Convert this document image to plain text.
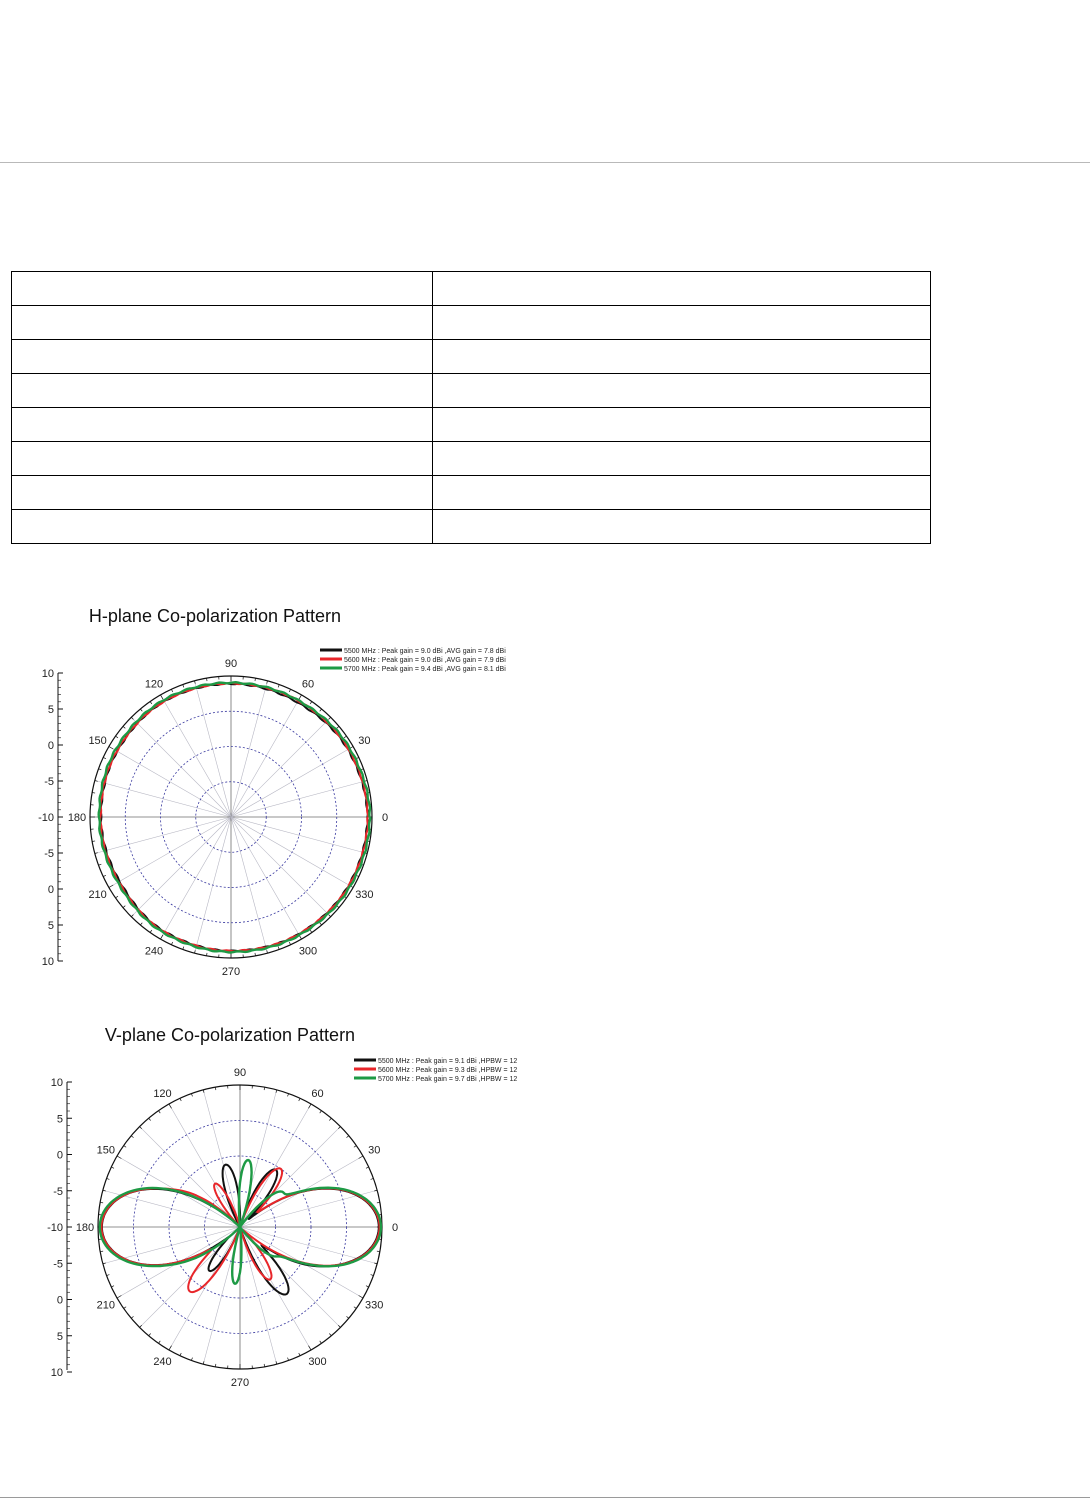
H-plane Co-polarization Pattern
0
30
60
90
120
150
180
210
240
270
300
330
10
5
0
-5
-10
-5
0
5
10
5500 MHz : Peak gain = 9.0 dBi ,AVG gain = 7.8 dBi
5600 MHz : Peak gain = 9.0 dBi ,AVG gain = 7.9 dBi
5700 MHz : Peak gain = 9.4 dBi ,AVG gain = 8.1 dBi
V-plane Co-polarization Pattern
0
30
60
90
120
150
180
210
240
270
300
330
10
5
0
-5
-10
-5
0
5
10
5500 MHz : Peak gain = 9.1 dBi ,HPBW = 12
5600 MHz : Peak gain = 9.3 dBi ,HPBW = 12
5700 MHz : Peak gain = 9.7 dBi ,HPBW = 12
